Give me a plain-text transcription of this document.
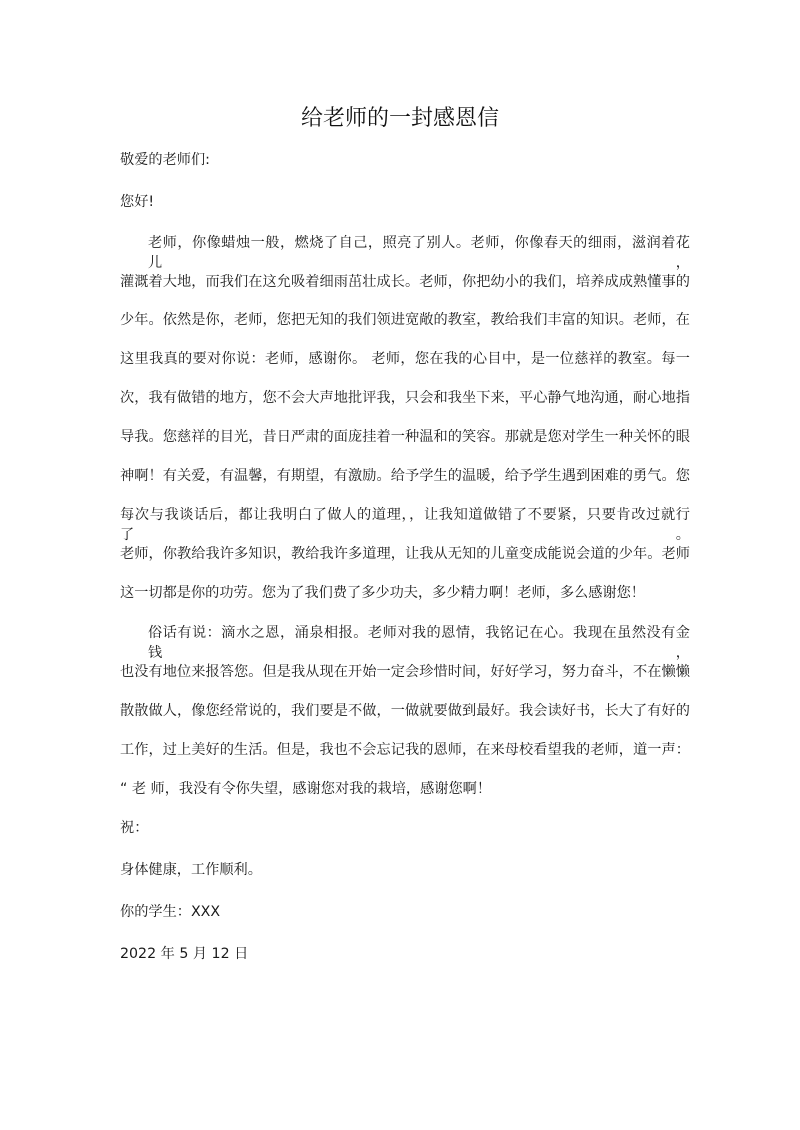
给老师的一封感恩信
敬爱的老师们:
您好!
老师，你像蜡烛一般，燃烧了自己，照亮了别人。老师，你像春天的细雨，滋润着花儿，
灌溉着大地，而我们在这允吸着细雨茁壮成长。老师，你把幼小的我们，培养成成熟懂事的
少年。依然是你，老师，您把无知的我们领进宽敞的教室，教给我们丰富的知识。老师，在
这里我真的要对你说：老师，感谢你。 老师，您在我的心目中，是一位慈祥的教室。每一
次，我有做错的地方，您不会大声地批评我，只会和我坐下来，平心静气地沟通，耐心地指
导我。您慈祥的目光，昔日严肃的面庞挂着一种温和的笑容。那就是您对学生一种关怀的眼
神啊！有关爱，有温馨，有期望，有激励。给予学生的温暖，给予学生遇到困难的勇气。您
每次与我谈话后，都让我明白了做人的道理，，让我知道做错了不要紧，只要肯改过就行了。
老师，你教给我许多知识，教给我许多道理，让我从无知的儿童变成能说会道的少年。老师
这一切都是你的功劳。您为了我们费了多少功夫，多少精力啊！老师，多么感谢您！
俗话有说：滴水之恩，涌泉相报。老师对我的恩情，我铭记在心。我现在虽然没有金钱，
也没有地位来报答您。但是我从现在开始一定会珍惜时间，好好学习，努力奋斗，不在懒懒
散散做人，像您经常说的，我们要是不做，一做就要做到最好。我会读好书，长大了有好的
工作，过上美好的生活。但是，我也不会忘记我的恩师，在来母校看望我的老师，道一声：
“ 老 师，我没有令你失望，感谢您对我的栽培，感谢您啊！
祝：
身体健康，工作顺利。
你的学生：XXX
2022 年 5 月 12 日
